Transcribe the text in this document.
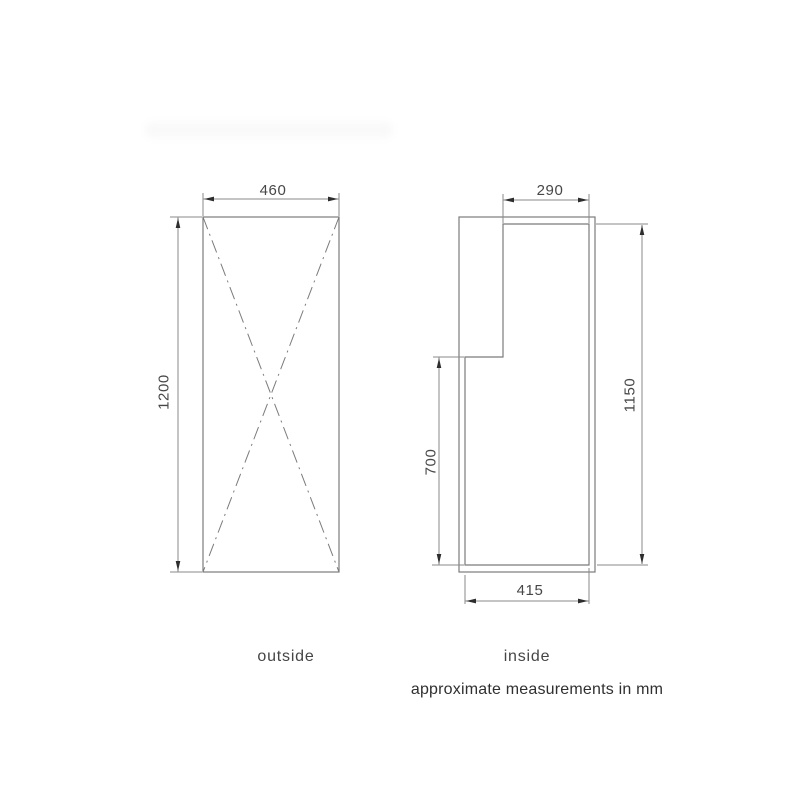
460
1200
outside
290
1150
700
415
inside
approximate measurements in mm
